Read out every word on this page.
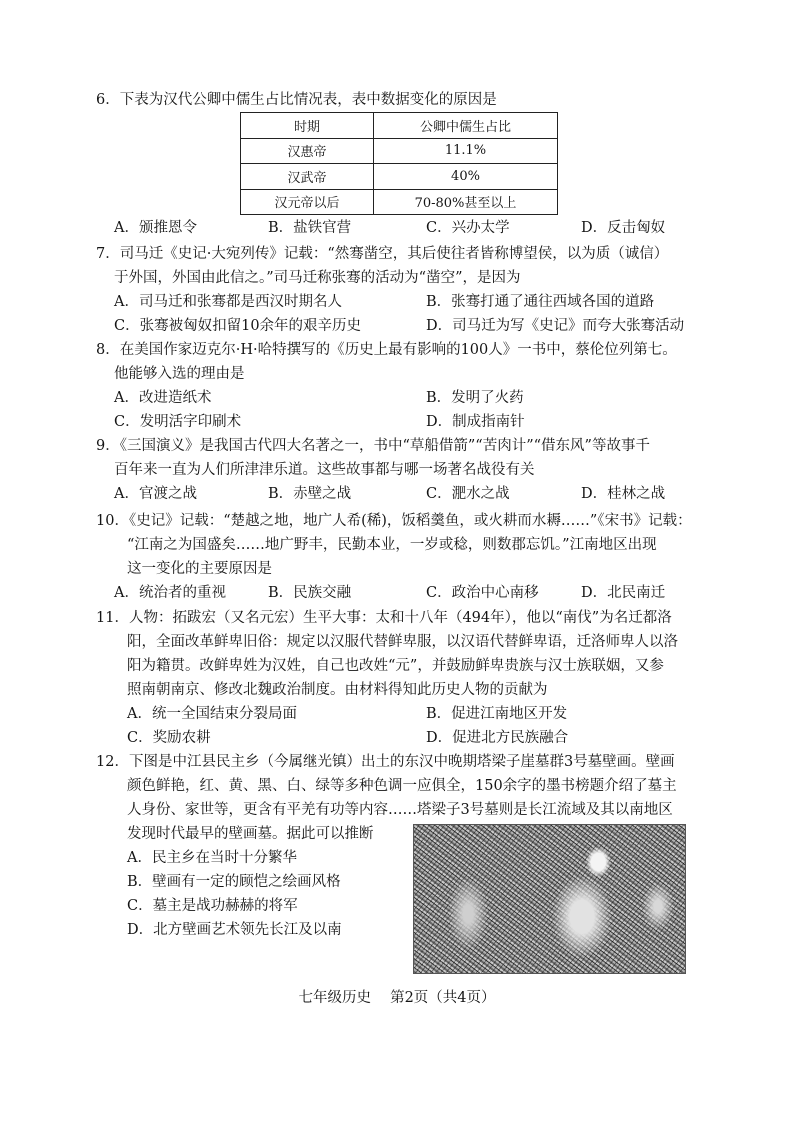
6．下表为汉代公卿中儒生占比情况表，表中数据变化的原因是
时期	公卿中儒生占比
汉惠帝	11.1%
汉武帝	40%
汉元帝以后	70-80%甚至以上
A．颁推恩令	B．盐铁官营	C．兴办太学	D．反击匈奴
7．司马迁《史记·大宛列传》记载：“然骞凿空，其后使往者皆称博望侯，以为质（诚信）
于外国，外国由此信之。”司马迁称张骞的活动为“凿空”，是因为
A．司马迁和张骞都是西汉时期名人	B．张骞打通了通往西域各国的道路
C．张骞被匈奴扣留10余年的艰辛历史	D．司马迁为写《史记》而夸大张骞活动
8．在美国作家迈克尔·H·哈特撰写的《历史上最有影响的100人》一书中，蔡伦位列第七。
他能够入选的理由是
A．改进造纸术	B．发明了火药
C．发明活字印刷术	D．制成指南针
9．《三国演义》是我国古代四大名著之一，书中“草船借箭”“苦肉计”“借东风”等故事千
百年来一直为人们所津津乐道。这些故事都与哪一场著名战役有关
A．官渡之战	B．赤壁之战	C．淝水之战	D．桂林之战
10．《史记》记载：“楚越之地，地广人希(稀)，饭稻羹鱼，或火耕而水耨……”《宋书》记载：
“江南之为国盛矣……地广野丰，民勤本业，一岁或稔，则数郡忘饥。”江南地区出现
这一变化的主要原因是
A．统治者的重视	B．民族交融	C．政治中心南移	D．北民南迁
11．人物：拓跋宏（又名元宏）生平大事：太和十八年（494年），他以“南伐”为名迁都洛
阳，全面改革鲜卑旧俗：规定以汉服代替鲜卑服，以汉语代替鲜卑语，迁洛师卑人以洛
阳为籍贯。改鲜卑姓为汉姓，自己也改姓“元”，并鼓励鲜卑贵族与汉士族联姻，又参
照南朝南京、修改北魏政治制度。由材料得知此历史人物的贡献为
A．统一全国结束分裂局面	B．促进江南地区开发
C．奖励农耕	D．促进北方民族融合
12．下图是中江县民主乡（今属继光镇）出土的东汉中晚期塔梁子崖墓群3号墓壁画。壁画
颜色鲜艳，红、黄、黑、白、绿等多种色调一应俱全，150余字的墨书榜题介绍了墓主
人身份、家世等，更含有平羌有功等内容……塔梁子3号墓则是长江流域及其以南地区
发现时代最早的壁画墓。据此可以推断
A．民主乡在当时十分繁华
B．壁画有一定的顾恺之绘画风格
C．墓主是战功赫赫的将军
D．北方壁画艺术领先长江及以南
七年级历史　 第2页（共4页）
